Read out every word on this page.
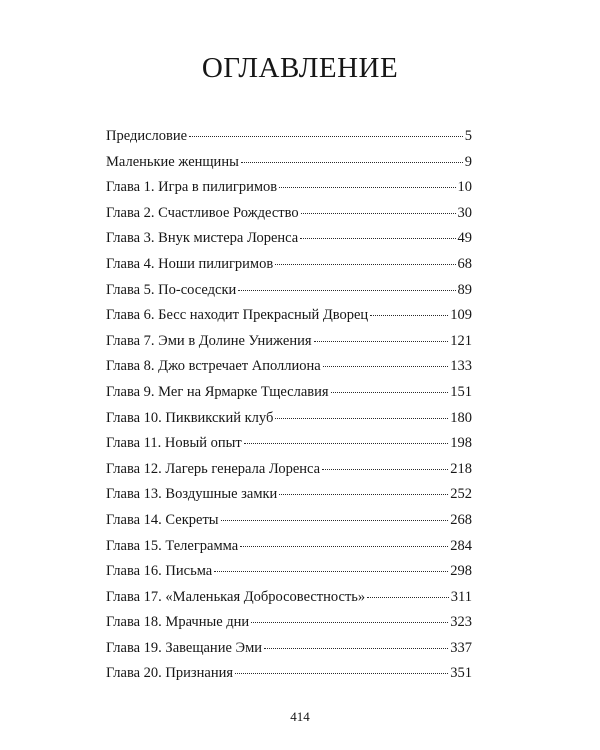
ОГЛАВЛЕНИЕ
Предисловие	5
Маленькие женщины	9
Глава 1. Игра в пилигримов	10
Глава 2. Счастливое Рождество	30
Глава 3. Внук мистера Лоренса	49
Глава 4. Ноши пилигримов	68
Глава 5. По-соседски	89
Глава 6. Бесс находит Прекрасный Дворец	109
Глава 7. Эми в Долине Унижения	121
Глава 8. Джо встречает Аполлиона	133
Глава 9. Мег на Ярмарке Тщеславия	151
Глава 10. Пиквикский клуб	180
Глава 11. Новый опыт	198
Глава 12. Лагерь генерала Лоренса	218
Глава 13. Воздушные замки	252
Глава 14. Секреты	268
Глава 15. Телеграмма	284
Глава 16. Письма	298
Глава 17. «Маленькая Добросовестность»	311
Глава 18. Мрачные дни	323
Глава 19. Завещание Эми	337
Глава 20. Признания	351
414
